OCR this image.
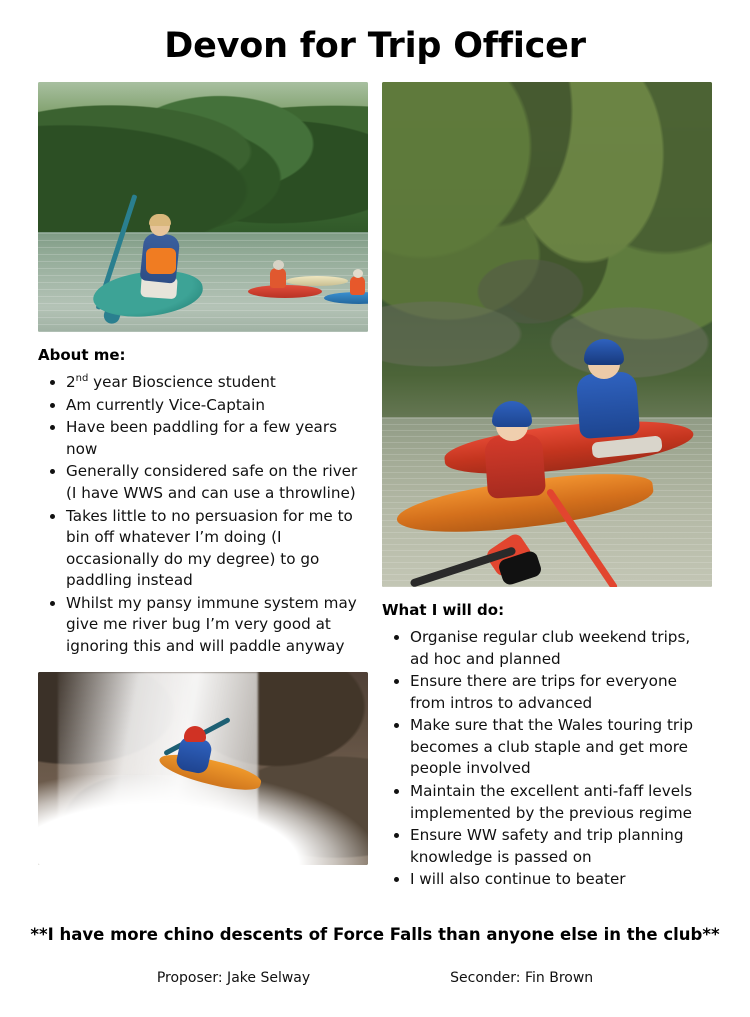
Devon for Trip Officer
About me:
• 2nd year Bioscience student
• Am currently Vice-Captain
• Have been paddling for a few years now
• Generally considered safe on the river (I have WWS and can use a throwline)
• Takes little to no persuasion for me to bin off whatever I’m doing (I occasionally do my degree) to go paddling instead
• Whilst my pansy immune system may give me river bug I’m very good at ignoring this and will paddle anyway
What I will do:
• Organise regular club weekend trips, ad hoc and planned
• Ensure there are trips for everyone from intros to advanced
• Make sure that the Wales touring trip becomes a club staple and get more people involved
• Maintain the excellent anti-faff levels implemented by the previous regime
• Ensure WW safety and trip planning knowledge is passed on
• I will also continue to beater
**I have more chino descents of Force Falls than anyone else in the club**
Proposer: Jake Selway	Seconder: Fin Brown
